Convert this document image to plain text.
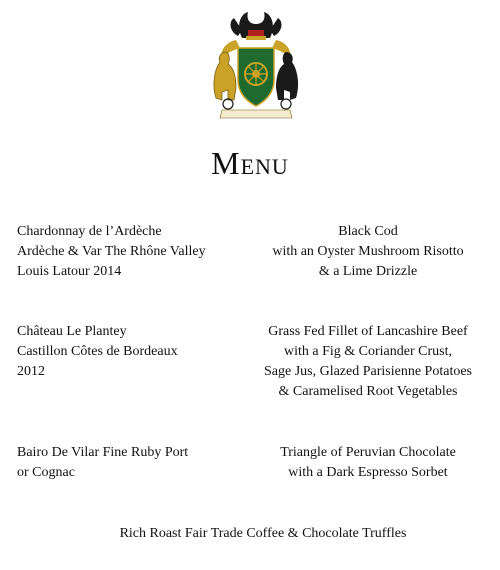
Menu
Chardonnay de l’Ardèche
Ardèche & Var The Rhône Valley
Louis Latour 2014
Black Cod
with an Oyster Mushroom Risotto
& a Lime Drizzle
Château Le Plantey
Castillon Côtes de Bordeaux
2012
Grass Fed Fillet of Lancashire Beef
with a Fig & Coriander Crust,
Sage Jus, Glazed Parisienne Potatoes
& Caramelised Root Vegetables
Bairo De Vilar Fine Ruby Port
or Cognac
Triangle of Peruvian Chocolate
with a Dark Espresso Sorbet
Rich Roast Fair Trade Coffee & Chocolate Truffles
